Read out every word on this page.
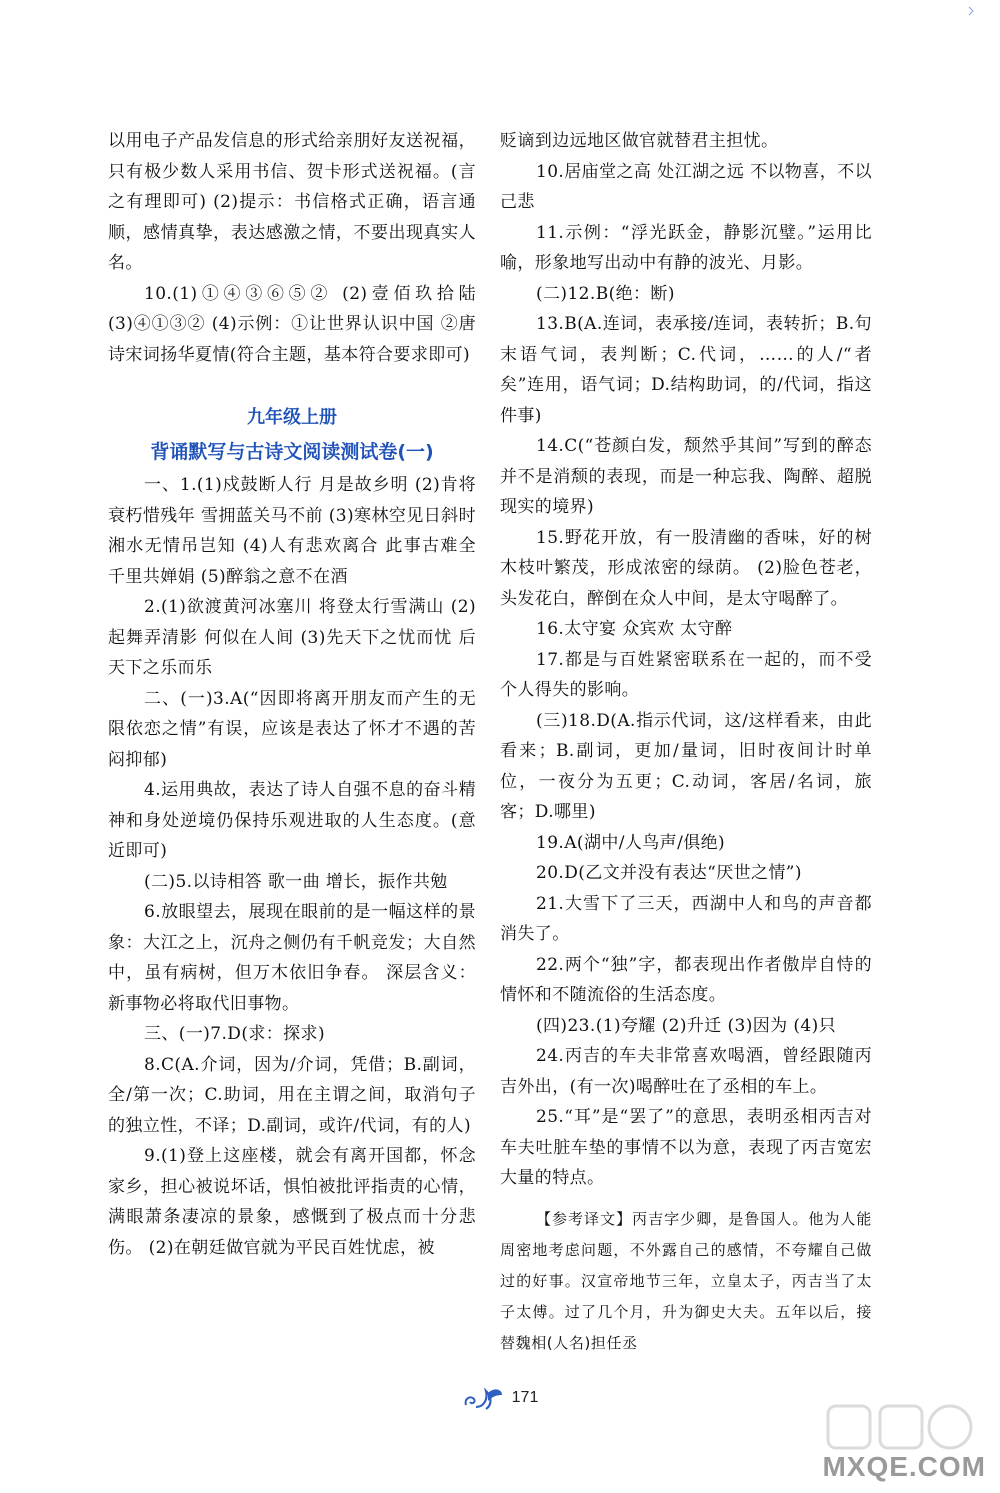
以用电子产品发信息的形式给亲朋好友送祝福，只有极少数人采用书信、贺卡形式送祝福。(言之有理即可) (2)提示：书信格式正确，语言通顺，感情真挚，表达感激之情，不要出现真实人名。

10.(1)①④③⑥⑤② (2)壹佰玖拾陆 (3)④①③② (4)示例：①让世界认识中国 ②唐诗宋词扬华夏情(符合主题，基本符合要求即可)

九年级上册
背诵默写与古诗文阅读测试卷(一)

一、1.(1)戍鼓断人行 月是故乡明 (2)肯将衰朽惜残年 雪拥蓝关马不前 (3)寒林空见日斜时 湘水无情吊岂知 (4)人有悲欢离合 此事古难全 千里共婵娟 (5)醉翁之意不在酒

2.(1)欲渡黄河冰塞川 将登太行雪满山 (2)起舞弄清影 何似在人间 (3)先天下之忧而忧 后天下之乐而乐

二、(一)3.A(“因即将离开朋友而产生的无限依恋之情”有误，应该是表达了怀才不遇的苦闷抑郁)

4.运用典故，表达了诗人自强不息的奋斗精神和身处逆境仍保持乐观进取的人生态度。(意近即可)

(二)5.以诗相答 歌一曲 增长，振作共勉

6.放眼望去，展现在眼前的是一幅这样的景象：大江之上，沉舟之侧仍有千帆竞发；大自然中，虽有病树，但万木依旧争春。 深层含义：新事物必将取代旧事物。

三、(一)7.D(求：探求)

8.C(A.介词，因为/介词，凭借；B.副词，全/第一次；C.助词，用在主谓之间，取消句子的独立性，不译；D.副词，或许/代词，有的人)

9.(1)登上这座楼，就会有离开国都，怀念家乡，担心被说坏话，惧怕被批评指责的心情，满眼萧条凄凉的景象，感慨到了极点而十分悲伤。 (2)在朝廷做官就为平民百姓忧虑，被

贬谪到边远地区做官就替君主担忧。

10.居庙堂之高 处江湖之远 不以物喜，不以己悲

11.示例：“浮光跃金，静影沉璧。”运用比喻，形象地写出动中有静的波光、月影。

(二)12.B(绝：断)

13.B(A.连词，表承接/连词，表转折；B.句末语气词，表判断；C.代词，……的人/“者矣”连用，语气词；D.结构助词，的/代词，指这件事)

14.C(“苍颜白发，颓然乎其间”写到的醉态并不是消颓的表现，而是一种忘我、陶醉、超脱现实的境界)

15.野花开放，有一股清幽的香味，好的树木枝叶繁茂，形成浓密的绿荫。 (2)脸色苍老，头发花白，醉倒在众人中间，是太守喝醉了。

16.太守宴 众宾欢 太守醉

17.都是与百姓紧密联系在一起的，而不受个人得失的影响。

(三)18.D(A.指示代词，这/这样看来，由此看来；B.副词，更加/量词，旧时夜间计时单位，一夜分为五更；C.动词，客居/名词，旅客；D.哪里)

19.A(湖中/人鸟声/俱绝)

20.D(乙文并没有表达“厌世之情”)

21.大雪下了三天，西湖中人和鸟的声音都消失了。

22.两个“独”字，都表现出作者傲岸自恃的情怀和不随流俗的生活态度。

(四)23.(1)夸耀 (2)升迁 (3)因为 (4)只

24.丙吉的车夫非常喜欢喝酒，曾经跟随丙吉外出，(有一次)喝醉吐在了丞相的车上。

25.“耳”是“罢了”的意思，表明丞相丙吉对车夫吐脏车垫的事情不以为意，表现了丙吉宽宏大量的特点。

【参考译文】丙吉字少卿，是鲁国人。他为人能周密地考虑问题，不外露自己的感情，不夸耀自己做过的好事。汉宣帝地节三年，立皇太子，丙吉当了太子太傅。过了几个月，升为御史大夫。五年以后，接替魏相(人名)担任丞

171
MXQE.COM
